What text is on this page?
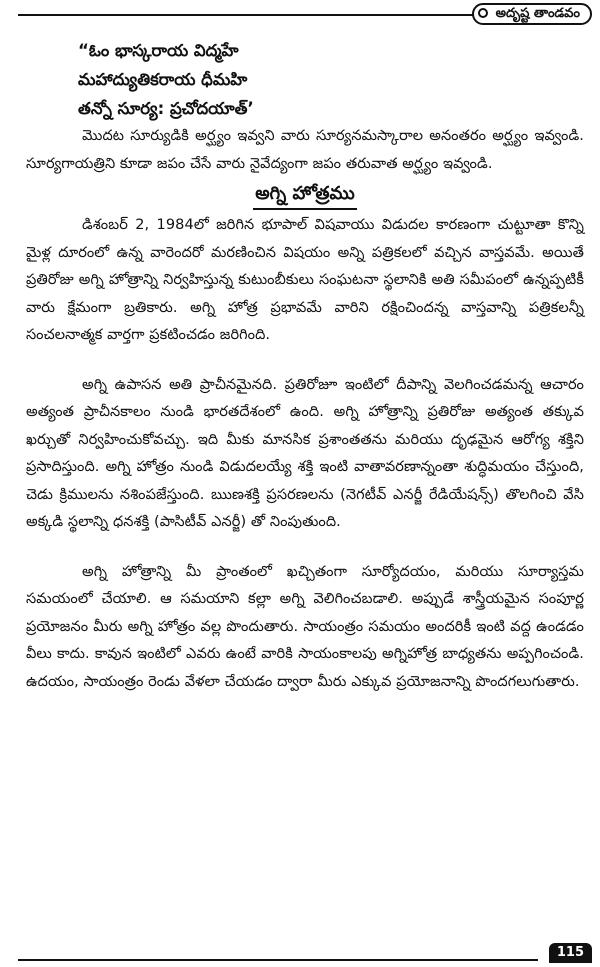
అదృష్ట తాండవం

“ఓం భాస్కరాయ విద్మహే

మహాద్యుతికరాయ ధీమహి

తన్నో సూర్య: ప్రచోదయాత్’

మొదట సూర్యుడికి అర్ఘ్యం ఇవ్వని వారు సూర్యనమస్కారాల అనంతరం అర్ఘ్యం ఇవ్వండి. సూర్యగాయత్రిని కూడా జపం చేసే వారు నైవేద్యంగా జపం తరువాత అర్ఘ్యం ఇవ్వండి.

అగ్ని హోత్రము

డిశంబర్ 2, 1984లో జరిగిన భూపాల్ విషవాయు విడుదల కారణంగా చుట్టూతా కొన్ని మైళ్ల దూరంలో ఉన్న వారెందరో మరణించిన విషయం అన్ని పత్రికలలో వచ్చిన వాస్తవమే. అయితే ప్రతిరోజు అగ్ని హోత్రాన్ని నిర్వహిస్తున్న కుటుంబీకులు సంఘటనా స్థలానికి అతి సమీపంలో ఉన్నప్పటికీ వారు క్షేమంగా బ్రతికారు. అగ్ని హోత్ర ప్రభావమే వారిని రక్షించిందన్న వాస్తవాన్ని పత్రికలన్నీ సంచలనాత్మక వార్తగా ప్రకటించడం జరిగింది.

అగ్ని ఉపాసన అతి ప్రాచీనమైనది. ప్రతిరోజూ ఇంటిలో దీపాన్ని వెలగించడమన్న ఆచారం అత్యంత ప్రాచీనకాలం నుండి భారతదేశంలో ఉంది. అగ్ని హోత్రాన్ని ప్రతిరోజు అత్యంత తక్కువ ఖర్చుతో నిర్వహించుకోవచ్చు. ఇది మీకు మానసిక ప్రశాంతతను మరియు దృఢమైన ఆరోగ్య శక్తిని ప్రసాదిస్తుంది. అగ్ని హోత్రం నుండి విడుదలయ్యే శక్తి ఇంటి వాతావరణాన్నంతా శుద్ధిమయం చేస్తుంది, చెడు క్రిములను నశింపజేస్తుంది. ఋణశక్తి ప్రసరణలను (నెగటీవ్ ఎనర్జీ రేడియేషన్స్) తొలగించి వేసి అక్కడి స్థలాన్ని ధనశక్తి (పాసిటీవ్ ఎనర్జీ) తో నింపుతుంది.

అగ్ని హోత్రాన్ని మీ ప్రాంతంలో ఖచ్చితంగా సూర్యోదయం, మరియు సూర్యాస్తమ సమయంలో చేయాలి. ఆ సమయాని కల్లా అగ్ని వెలిగించబడాలి. అప్పుడే శాస్త్రీయమైన సంపూర్ణ ప్రయోజనం మీరు అగ్ని హోత్రం వల్ల పొందుతారు. సాయంత్రం సమయం అందరికీ ఇంటి వద్ద ఉండడం వీలు కాదు. కావున ఇంటిలో ఎవరు ఉంటే వారికి సాయంకాలపు అగ్నిహోత్ర బాధ్యతను అప్పగించండి. ఉదయం, సాయంత్రం రెండు వేళలా చేయడం ద్వారా మీరు ఎక్కువ ప్రయోజనాన్ని పొందగలుగుతారు.

115
